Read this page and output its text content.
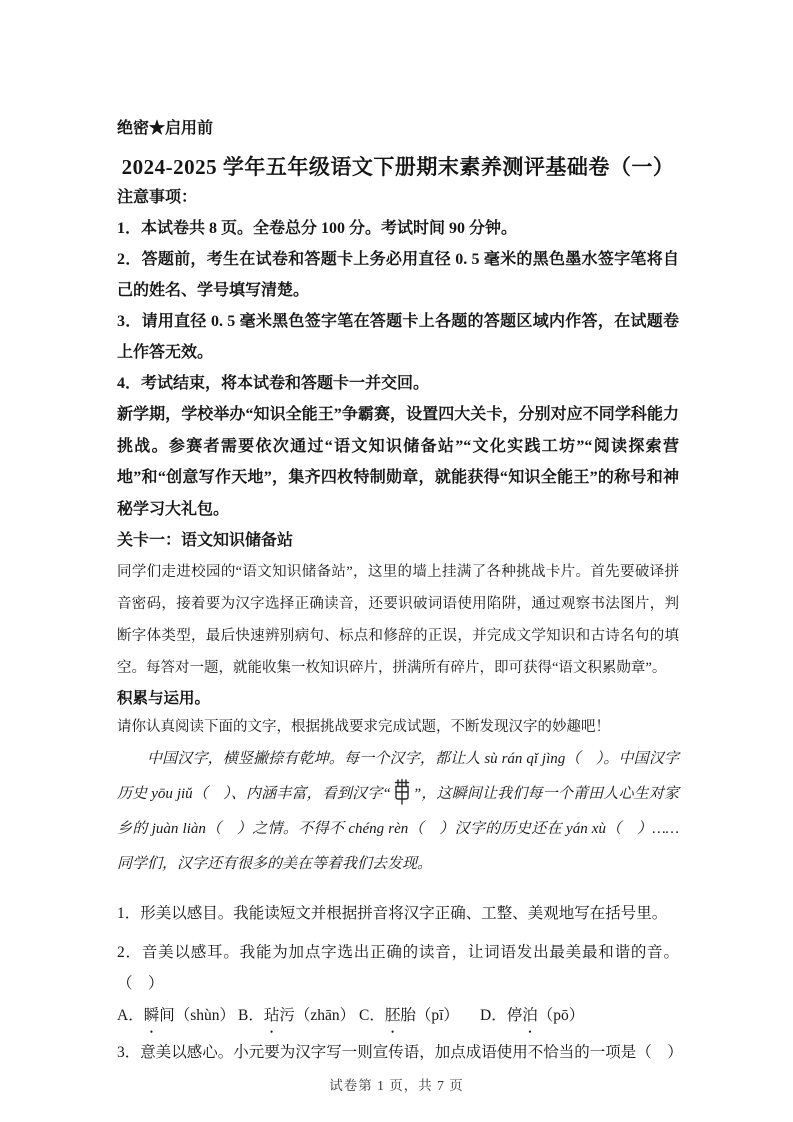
绝密★启用前
2024-2025 学年五年级语文下册期末素养测评基础卷（一）
注意事项：

1．本试卷共 8 页。全卷总分 100 分。考试时间 90 分钟。

2．答题前，考生在试卷和答题卡上务必用直径 0. 5 毫米的黑色墨水签字笔将自己的姓名、学号填写清楚。

3．请用直径 0. 5 毫米黑色签字笔在答题卡上各题的答题区域内作答，在试题卷上作答无效。

4．考试结束，将本试卷和答题卡一并交回。

新学期，学校举办“知识全能王”争霸赛，设置四大关卡，分别对应不同学科能力挑战。参赛者需要依次通过“语文知识储备站”“文化实践工坊”“阅读探索营地”和“创意写作天地”，集齐四枚特制勋章，就能获得“知识全能王”的称号和神秘学习大礼包。

关卡一：语文知识储备站

同学们走进校园的“语文知识储备站”，这里的墙上挂满了各种挑战卡片。首先要破译拼音密码，接着要为汉字选择正确读音，还要识破词语使用陷阱，通过观察书法图片，判断字体类型，最后快速辨别病句、标点和修辞的正误，并完成文学知识和古诗名句的填空。每答对一题，就能收集一枚知识碎片，拼满所有碎片，即可获得“语文积累勋章”。

积累与运用。

请你认真阅读下面的文字，根据挑战要求完成试题，不断发现汉字的妙趣吧！

中国汉字，横竖撇捺有乾坤。每一个汉字，都让人 sù rán qǐ jìng（　）。中国汉字历史 yōu jiǔ（　）、内涵丰富，看到汉字“ ”，这瞬间让我们每一个莆田人心生对家乡的 juàn liàn（　）之情。不得不 chéng rèn（　）汉字的历史还在 yán xù（　）……同学们，汉字还有很多的美在等着我们去发现。

1．形美以感目。我能读短文并根据拼音将汉字正确、工整、美观地写在括号里。

2．音美以感耳。我能为加点字选出正确的读音，让词语发出最美最和谐的音。（　）

A．瞬间（shùn） B．玷污（zhān） C．胚胎（pī）	D．停泊（pō）

3．意美以感心。小元要为汉字写一则宣传语，加点成语使用不恰当的一项是（　）

试卷第 1 页，共 7 页
